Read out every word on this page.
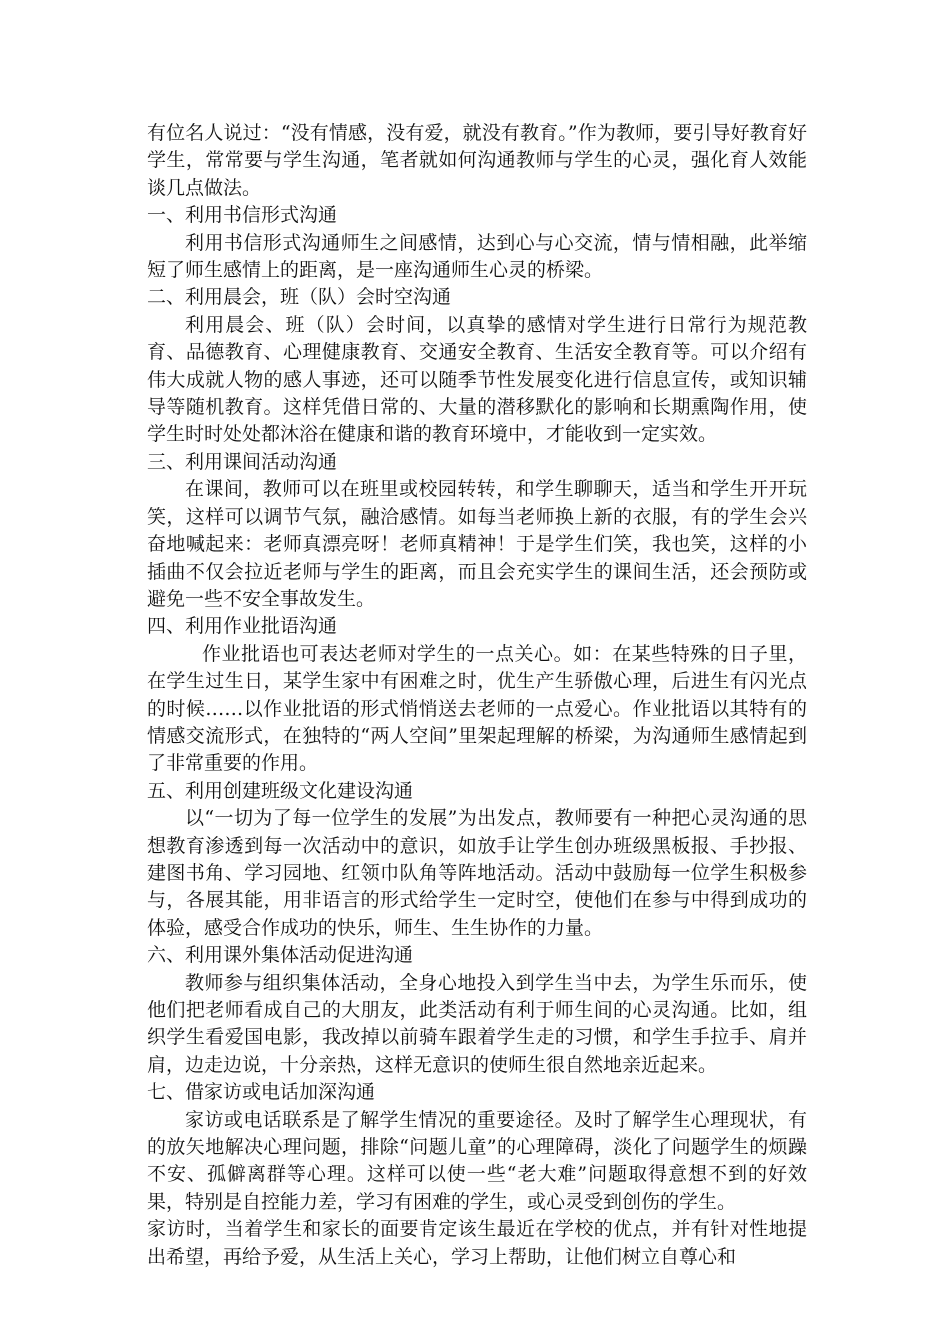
有位名人说过：“没有情感，没有爱，就没有教育。”作为教师，要引导好教育好学生，常常要与学生沟通，笔者就如何沟通教师与学生的心灵，强化育人效能谈几点做法。

一、利用书信形式沟通

利用书信形式沟通师生之间感情，达到心与心交流，情与情相融，此举缩短了师生感情上的距离，是一座沟通师生心灵的桥梁。

二、利用晨会，班（队）会时空沟通

利用晨会、班（队）会时间，以真挚的感情对学生进行日常行为规范教育、品德教育、心理健康教育、交通安全教育、生活安全教育等。可以介绍有伟大成就人物的感人事迹，还可以随季节性发展变化进行信息宣传，或知识辅导等随机教育。这样凭借日常的、大量的潜移默化的影响和长期熏陶作用，使学生时时处处都沐浴在健康和谐的教育环境中，才能收到一定实效。

三、利用课间活动沟通

在课间，教师可以在班里或校园转转，和学生聊聊天，适当和学生开开玩笑，这样可以调节气氛，融洽感情。如每当老师换上新的衣服，有的学生会兴奋地喊起来：老师真漂亮呀！老师真精神！于是学生们笑，我也笑，这样的小插曲不仅会拉近老师与学生的距离，而且会充实学生的课间生活，还会预防或避免一些不安全事故发生。

四、利用作业批语沟通

作业批语也可表达老师对学生的一点关心。如：在某些特殊的日子里，在学生过生日，某学生家中有困难之时，优生产生骄傲心理，后进生有闪光点的时候……以作业批语的形式悄悄送去老师的一点爱心。作业批语以其特有的情感交流形式，在独特的“两人空间”里架起理解的桥梁，为沟通师生感情起到了非常重要的作用。

五、利用创建班级文化建设沟通

以“一切为了每一位学生的发展”为出发点，教师要有一种把心灵沟通的思想教育渗透到每一次活动中的意识，如放手让学生创办班级黑板报、手抄报、建图书角、学习园地、红领巾队角等阵地活动。活动中鼓励每一位学生积极参与，各展其能，用非语言的形式给学生一定时空，使他们在参与中得到成功的体验，感受合作成功的快乐，师生、生生协作的力量。

六、利用课外集体活动促进沟通

教师参与组织集体活动，全身心地投入到学生当中去，为学生乐而乐，使他们把老师看成自己的大朋友，此类活动有利于师生间的心灵沟通。比如，组织学生看爱国电影，我改掉以前骑车跟着学生走的习惯，和学生手拉手、肩并肩，边走边说，十分亲热，这样无意识的使师生很自然地亲近起来。

七、借家访或电话加深沟通

家访或电话联系是了解学生情况的重要途径。及时了解学生心理现状，有的放矢地解决心理问题，排除“问题儿童”的心理障碍，淡化了问题学生的烦躁不安、孤僻离群等心理。这样可以使一些“老大难”问题取得意想不到的好效果，特别是自控能力差，学习有困难的学生，或心灵受到创伤的学生。

家访时，当着学生和家长的面要肯定该生最近在学校的优点，并有针对性地提出希望，再给予爱，从生活上关心，学习上帮助，让他们树立自尊心和
